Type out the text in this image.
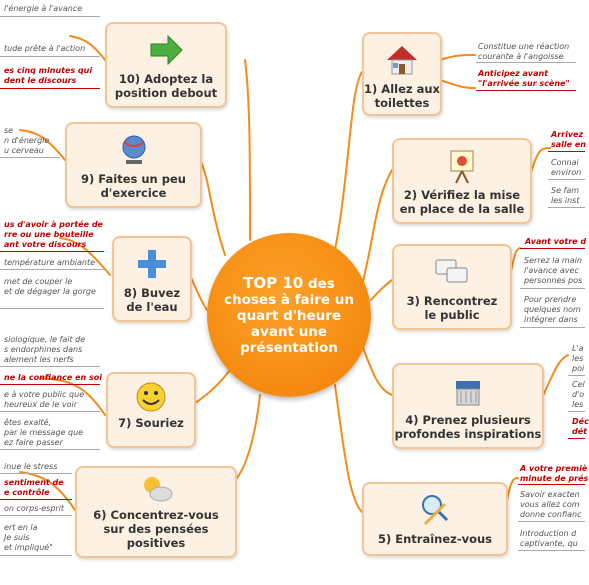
TOP 10 des
choses à faire un
quart d'heure
avant une
présentation
1) Allez aux
toilettes
2) Vérifiez la mise
en place de la salle
3) Rencontrez
le public
4) Prenez plusieurs
profondes inspirations
5) Entraînez-vous
6) Concentrez-vous
sur des pensées
positives
7) Souriez
8) Buvez
de l'eau
9) Faites un peu
d'exercice
10) Adoptez la
position debout
Constitue une réaction
courante à l'angoisse
Anticipez avant
"l'arrivée sur scène"
Arrivez
salle en
Connai
environ
Se fam
les inst
Avant votre d
Serrez la main
l'avance avec
personnes pos
Pour prendre
quelques nom
intégrer dans
L'a
les
poi
Cel
d'o
les
Déc
dét
A votre premiè
minute de prés
Savoir exacten
vous allez com
donne confianc
Introduction d
captivante, qu
inue le stress
sentiment de
e contrôle
on corps-esprit
ert en la
Je suis
et impliqué"
siologique, le fait de
s endorphines dans
alement les nerfs
ne la confiance en soi
e à votre public que
heureux de le voir
êtes exalté,
par le message que
ez faire passer
us d'avoir à portée de
rre ou une bouteille
ant votre discours
température ambiante
met de couper le
et de dégager la gorge
se
n d'énergie
u cerveau
l'énergie à l'avance
tude prête à l'action
es cinq minutes qui
dent le discours
